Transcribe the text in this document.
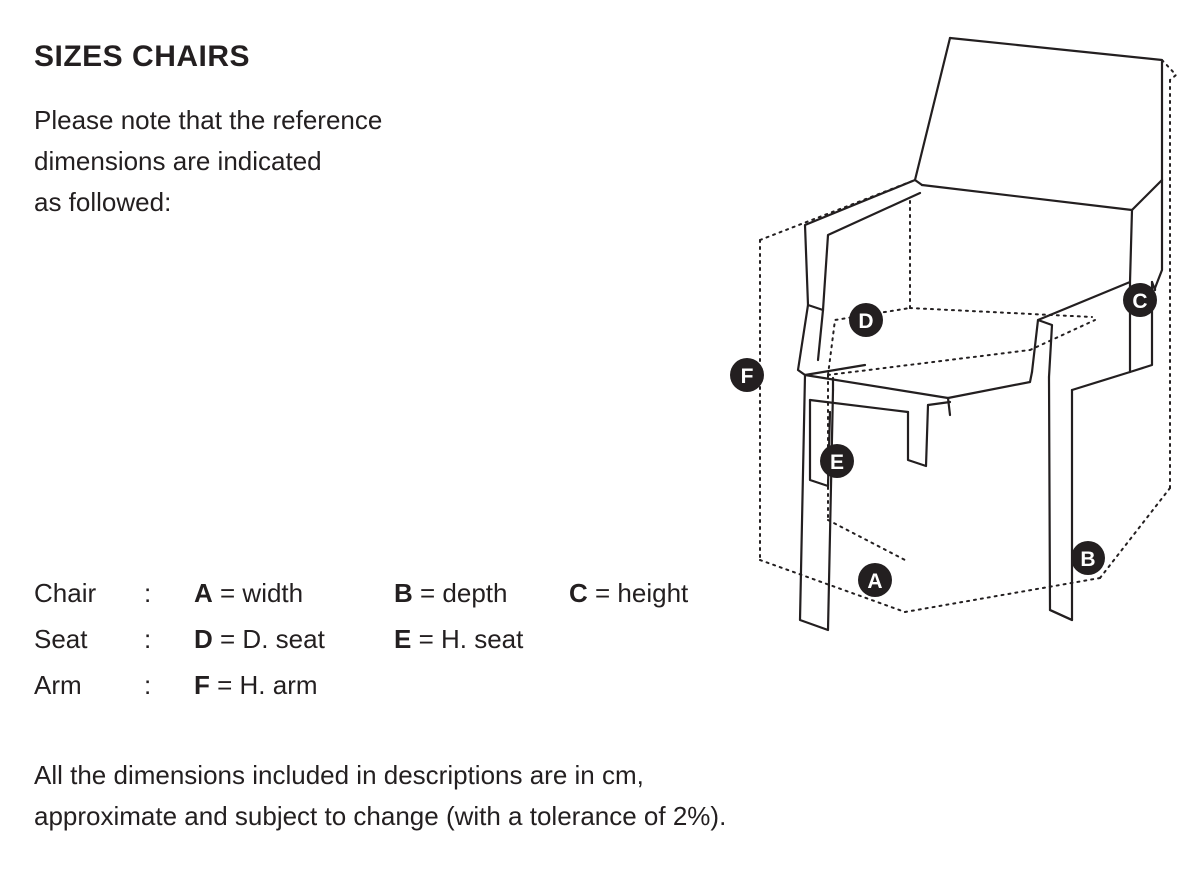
SIZES CHAIRS
Please note that the reference
dimensions are indicated
as followed:
Chair	:	A = width	B = depth	C = height
Seat	:	D = D. seat	E = H. seat	
Arm	:	F = H. arm		
All the dimensions included in descriptions are in cm,
approximate and subject to change (with a tolerance of 2%).
A
B
C
D
E
F
